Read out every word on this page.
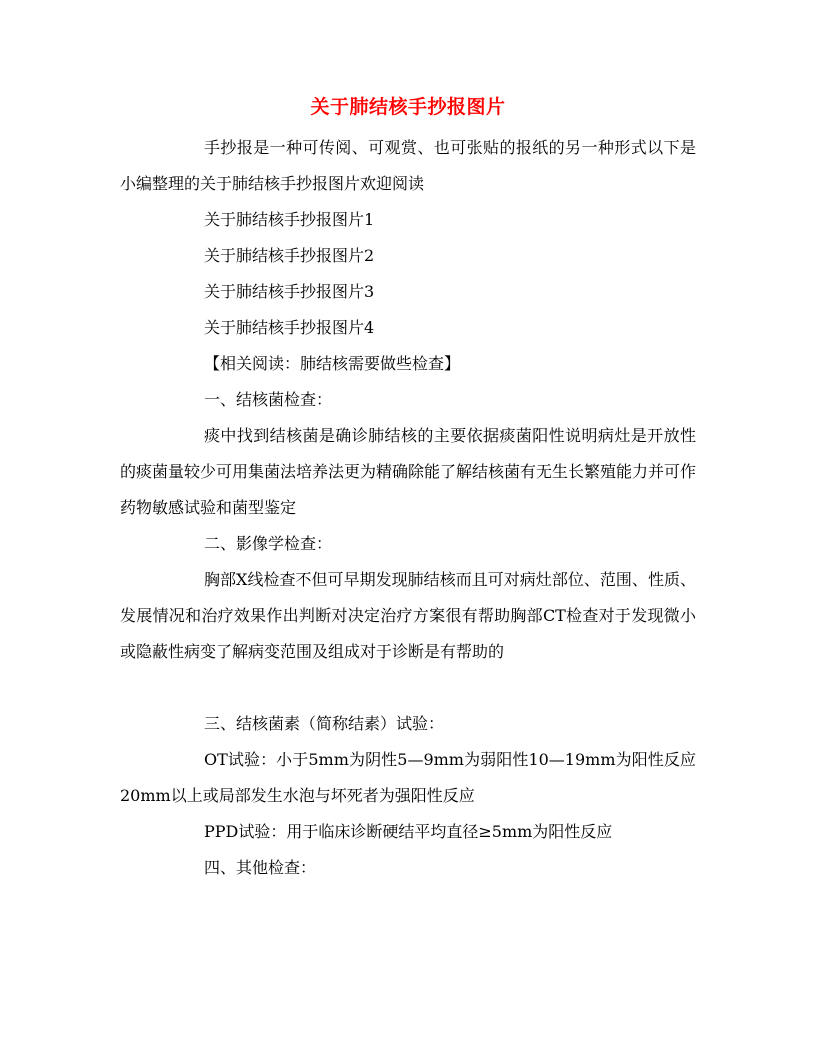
关于肺结核手抄报图片
手抄报是一种可传阅、可观赏、也可张贴的报纸的另一种形式以下是小编整理的关于肺结核手抄报图片欢迎阅读
关于肺结核手抄报图片1
关于肺结核手抄报图片2
关于肺结核手抄报图片3
关于肺结核手抄报图片4
【相关阅读：肺结核需要做些检查】
一、结核菌检查：
痰中找到结核菌是确诊肺结核的主要依据痰菌阳性说明病灶是开放性的痰菌量较少可用集菌法培养法更为精确除能了解结核菌有无生长繁殖能力并可作药物敏感试验和菌型鉴定
二、影像学检查：
胸部X线检查不但可早期发现肺结核而且可对病灶部位、范围、性质、发展情况和治疗效果作出判断对决定治疗方案很有帮助胸部CT检查对于发现微小或隐蔽性病变了解病变范围及组成对于诊断是有帮助的
三、结核菌素（简称结素）试验：
OT试验：小于5mm为阴性5—9mm为弱阳性10—19mm为阳性反应20mm以上或局部发生水泡与坏死者为强阳性反应
PPD试验：用于临床诊断硬结平均直径≥5mm为阳性反应
四、其他检查：
